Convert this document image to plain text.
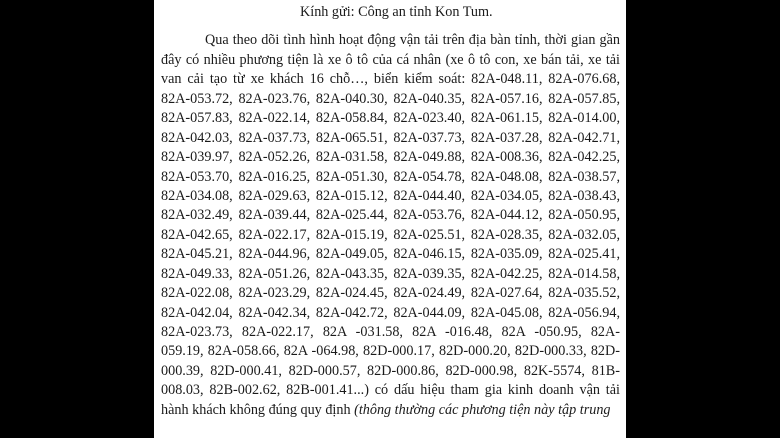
Kính gửi: Công an tỉnh Kon Tum.
Qua theo dõi tình hình hoạt động vận tải trên địa bàn tỉnh, thời gian gần
đây có nhiều phương tiện là xe ô tô của cá nhân (xe ô tô con, xe bán tải, xe tải
van cải tạo từ xe khách 16 chỗ…, biển kiểm soát: 82A-048.11, 82A-076.68,
82A-053.72, 82A-023.76, 82A-040.30, 82A-040.35, 82A-057.16, 82A-057.85,
82A-057.83, 82A-022.14, 82A-058.84, 82A-023.40, 82A-061.15, 82A-014.00,
82A-042.03, 82A-037.73, 82A-065.51, 82A-037.73, 82A-037.28, 82A-042.71,
82A-039.97, 82A-052.26, 82A-031.58, 82A-049.88, 82A-008.36, 82A-042.25,
82A-053.70, 82A-016.25, 82A-051.30, 82A-054.78, 82A-048.08, 82A-038.57,
82A-034.08, 82A-029.63, 82A-015.12, 82A-044.40, 82A-034.05, 82A-038.43,
82A-032.49, 82A-039.44, 82A-025.44, 82A-053.76, 82A-044.12, 82A-050.95,
82A-042.65, 82A-022.17, 82A-015.19, 82A-025.51, 82A-028.35, 82A-032.05,
82A-045.21, 82A-044.96, 82A-049.05, 82A-046.15, 82A-035.09, 82A-025.41,
82A-049.33, 82A-051.26, 82A-043.35, 82A-039.35, 82A-042.25, 82A-014.58,
82A-022.08, 82A-023.29, 82A-024.45, 82A-024.49, 82A-027.64, 82A-035.52,
82A-042.04, 82A-042.34, 82A-042.72, 82A-044.09, 82A-045.08, 82A-056.94,
82A-023.73, 82A-022.17, 82A -031.58, 82A -016.48, 82A -050.95, 82A-
059.19, 82A-058.66, 82A -064.98, 82D-000.17, 82D-000.20, 82D-000.33, 82D-
000.39, 82D-000.41, 82D-000.57, 82D-000.86, 82D-000.98, 82K-5574, 81B-
008.03, 82B-002.62, 82B-001.41...) có dấu hiệu tham gia kinh doanh vận tải
hành khách không đúng quy định (thông thường các phương tiện này tập trung
